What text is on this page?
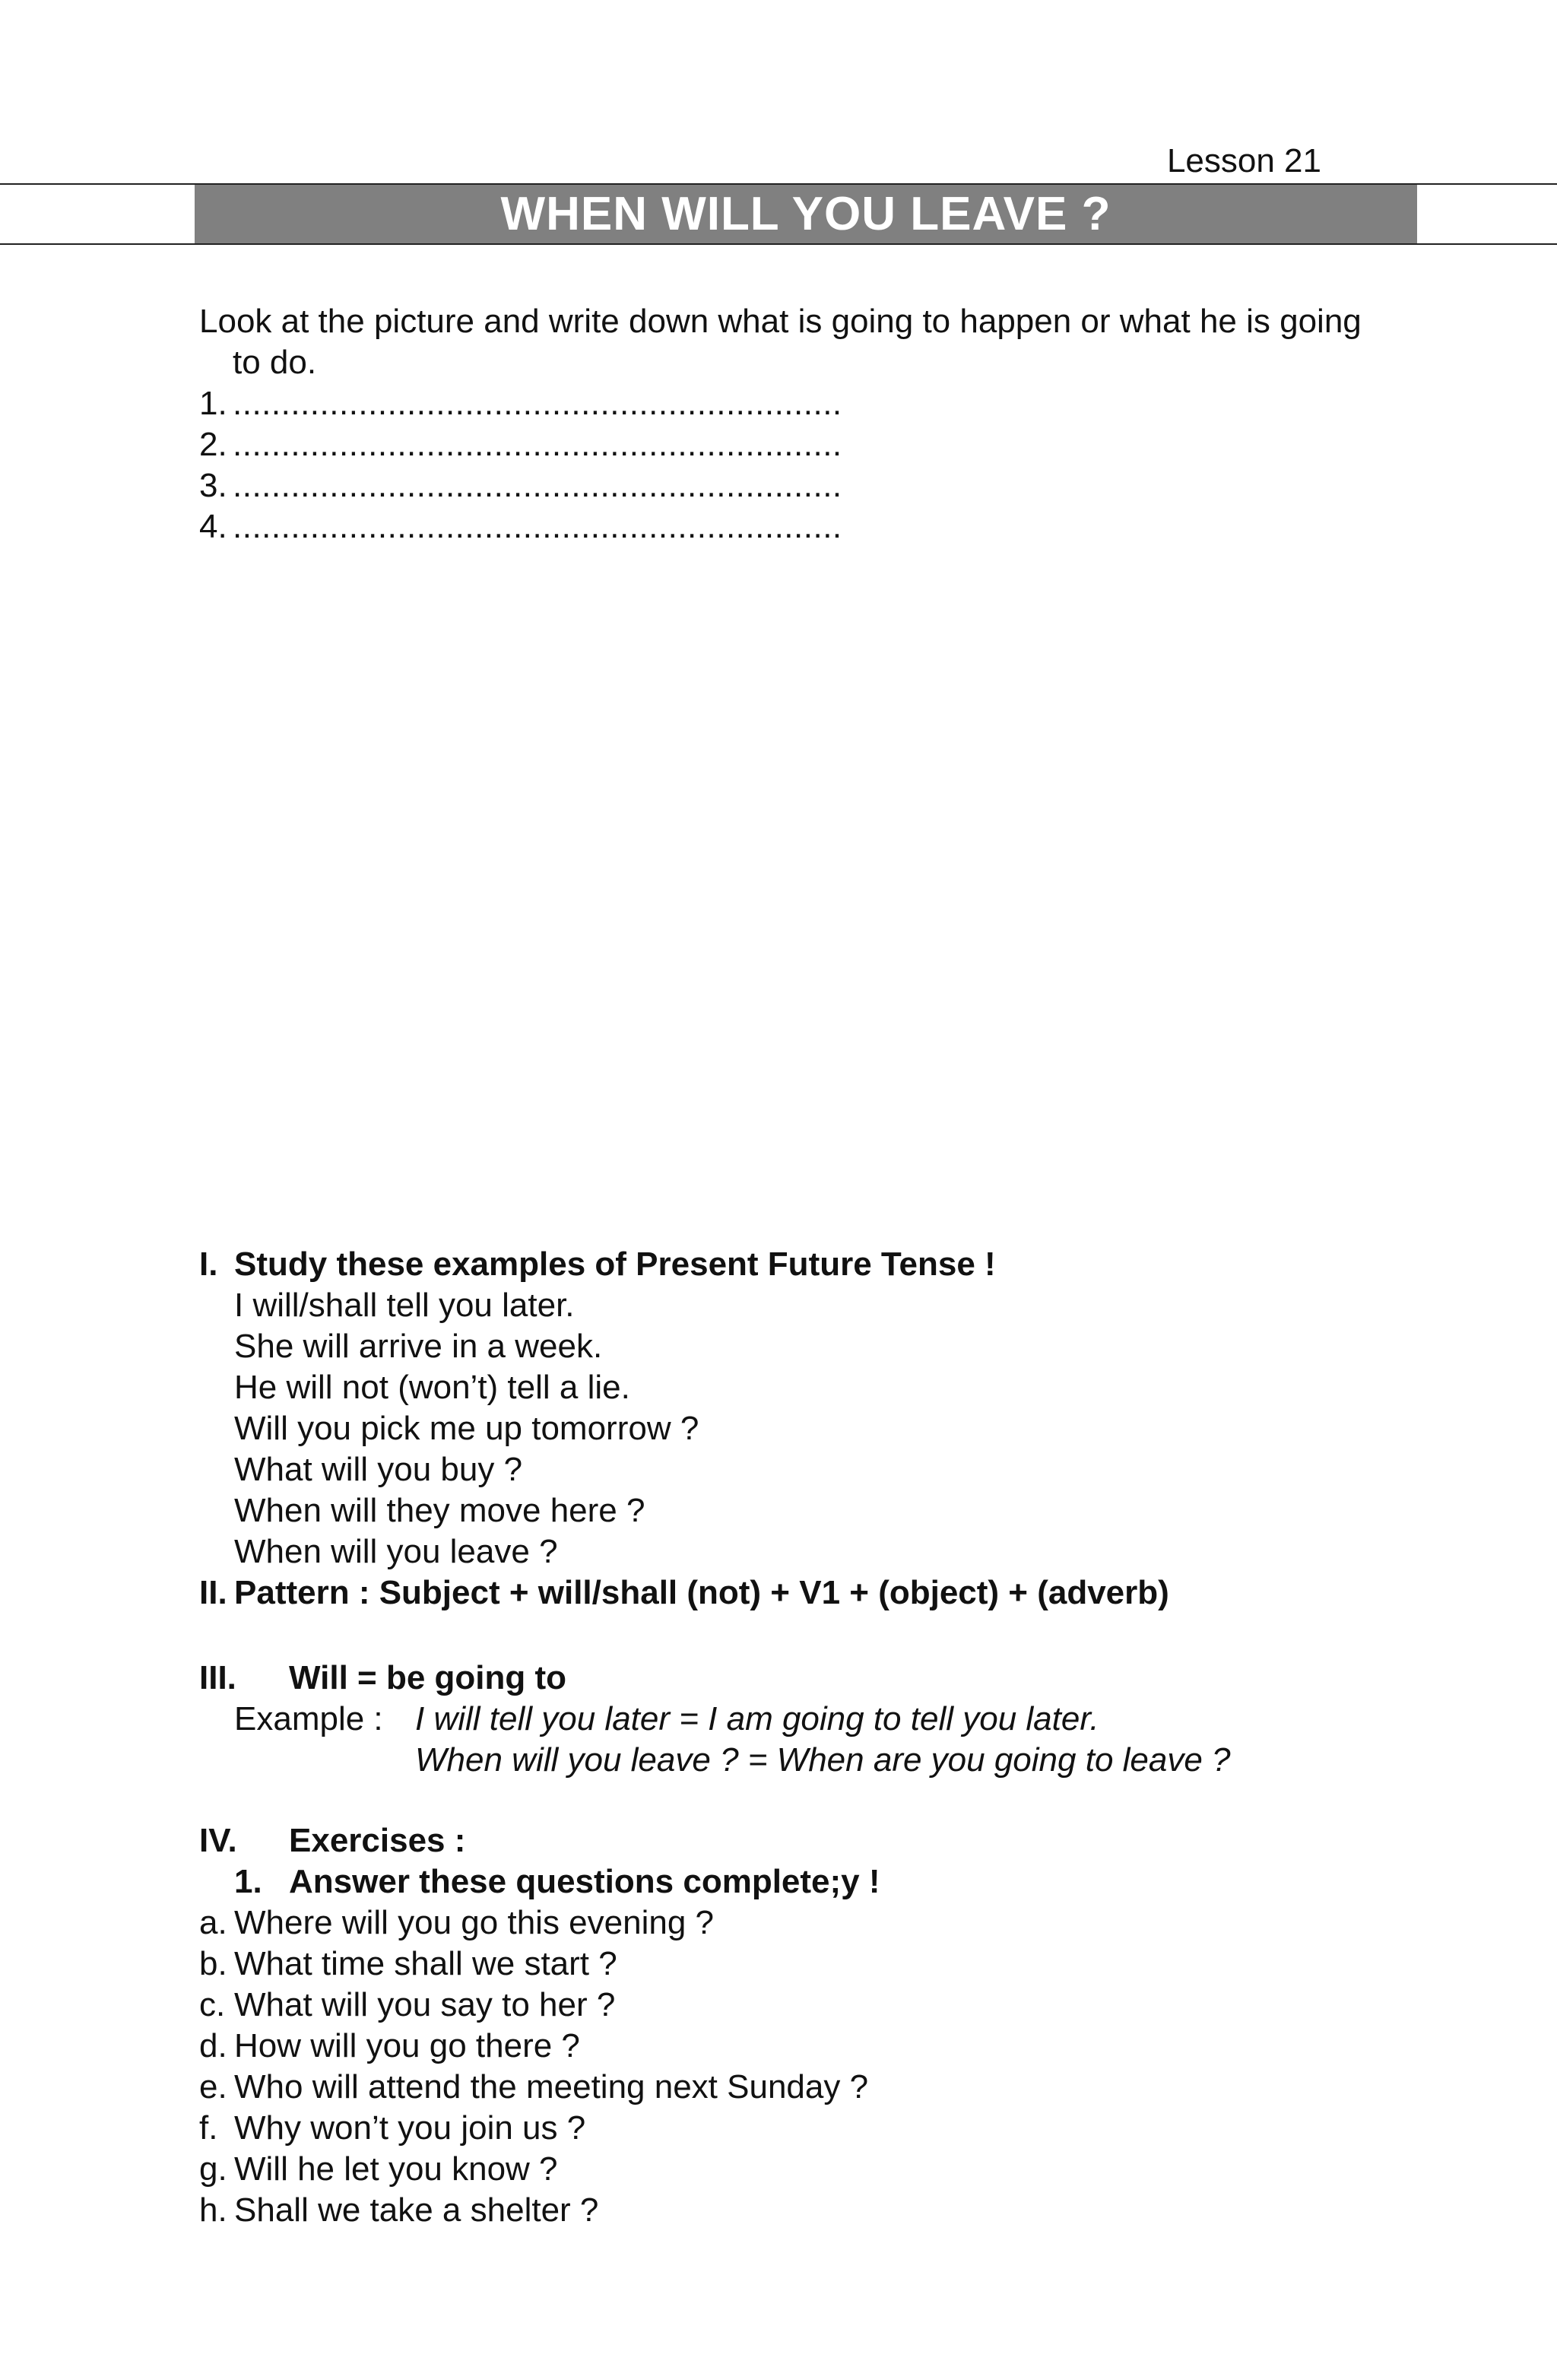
Lesson 21
WHEN WILL YOU LEAVE ?
Look at the picture and write down what is going to happen or what he is going
to do.
1. ...............................................................
2. ...............................................................
3. ...............................................................
4. ...............................................................
I. Study these examples of Present Future Tense !
I will/shall tell you later.
She will arrive in a week.
He will not (won’t) tell a lie.
Will you pick me up tomorrow ?
What will you buy ?
When will they move here ?
When will you leave ?
II. Pattern : Subject + will/shall (not) + V1 + (object) + (adverb)
III.	Will = be going to
Example : I will tell you later = I am going to tell you later.
When will you leave ? = When are you going to leave ?
IV.	Exercises :
1. Answer these questions complete;y !
a. Where will you go this evening ?
b. What time shall we start ?
c. What will you say to her ?
d. How will you go there ?
e. Who will attend the meeting next Sunday ?
f. Why won’t you join us ?
g. Will he let you know ?
h. Shall we take a shelter ?
